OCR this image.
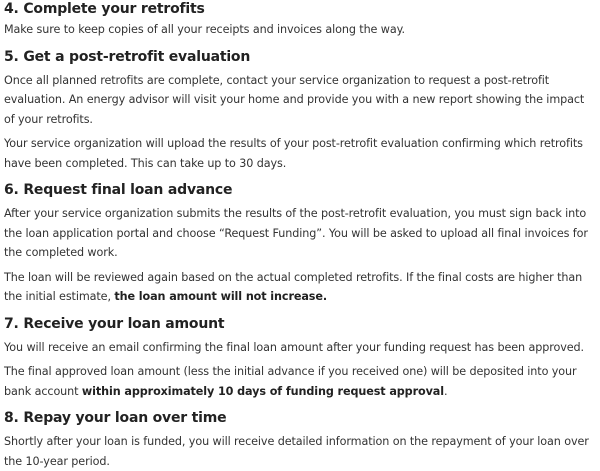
4. Complete your retrofits

Make sure to keep copies of all your receipts and invoices along the way.

5. Get a post-retrofit evaluation

Once all planned retrofits are complete, contact your service organization to request a post-retrofit evaluation. An energy advisor will visit your home and provide you with a new report showing the impact of your retrofits.

Your service organization will upload the results of your post-retrofit evaluation confirming which retrofits have been completed. This can take up to 30 days.

6. Request final loan advance

After your service organization submits the results of the post-retrofit evaluation, you must sign back into the loan application portal and choose “Request Funding”. You will be asked to upload all final invoices for the completed work.

The loan will be reviewed again based on the actual completed retrofits. If the final costs are higher than the initial estimate, the loan amount will not increase.

7. Receive your loan amount

You will receive an email confirming the final loan amount after your funding request has been approved.

The final approved loan amount (less the initial advance if you received one) will be deposited into your bank account within approximately 10 days of funding request approval.

8. Repay your loan over time

Shortly after your loan is funded, you will receive detailed information on the repayment of your loan over the 10-year period.
